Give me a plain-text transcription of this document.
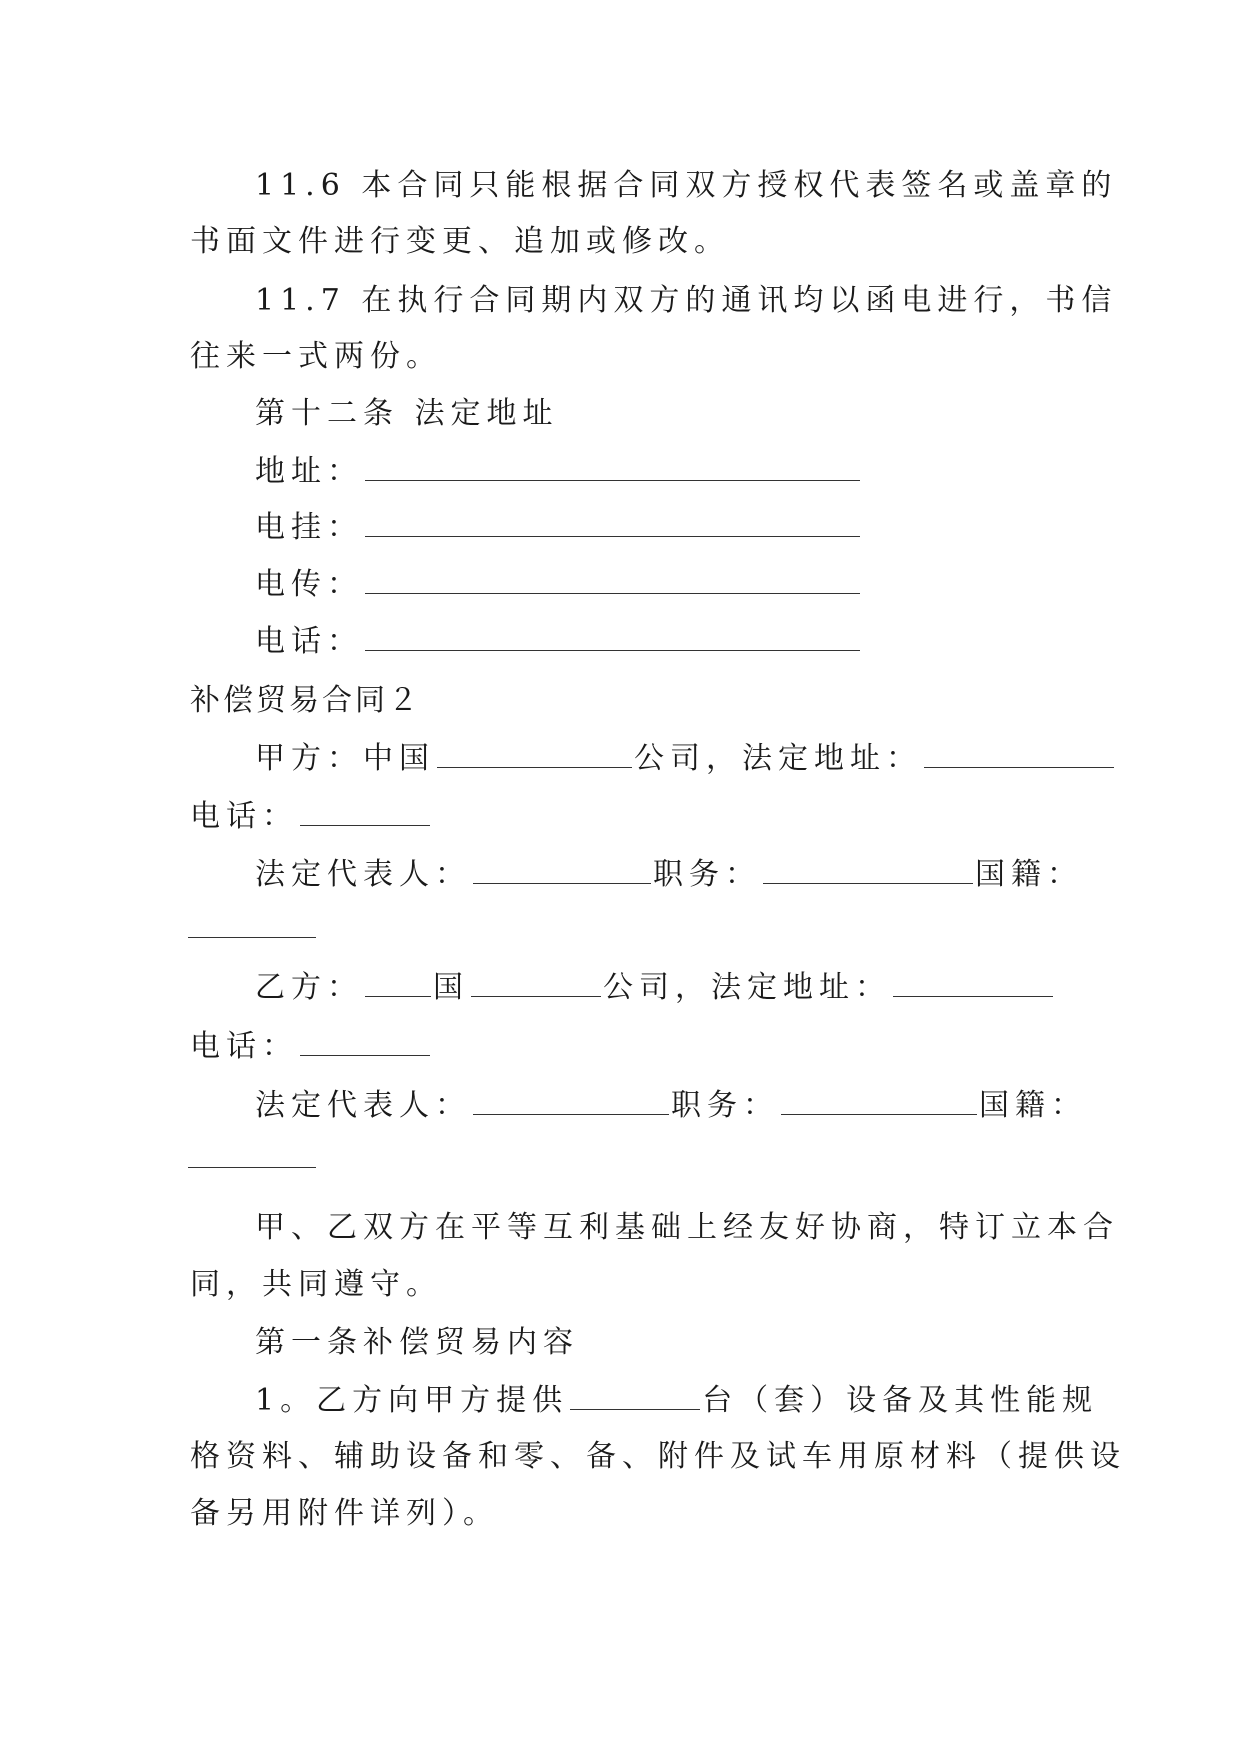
11.6 本合同只能根据合同双方授权代表签名或盖章的
书面文件进行变更、追加或修改。
11.7 在执行合同期内双方的通讯均以函电进行，书信
往来一式两份。
第十二条 法定地址
地址：
电挂：
电传：
电话：
补偿贸易合同２
甲方：中国	公司，法定地址：
电话：
法定代表人：	职务：	国籍：
乙方： 国	公司，法定地址：
电话：
法定代表人：	职务：	国籍：
甲、乙双方在平等互利基础上经友好协商，特订立本合
同，共同遵守。
第一条补偿贸易内容
1。乙方向甲方提供	台（套）设备及其性能规
格资料、辅助设备和零、备、附件及试车用原材料（提供设
备另用附件详列）。
